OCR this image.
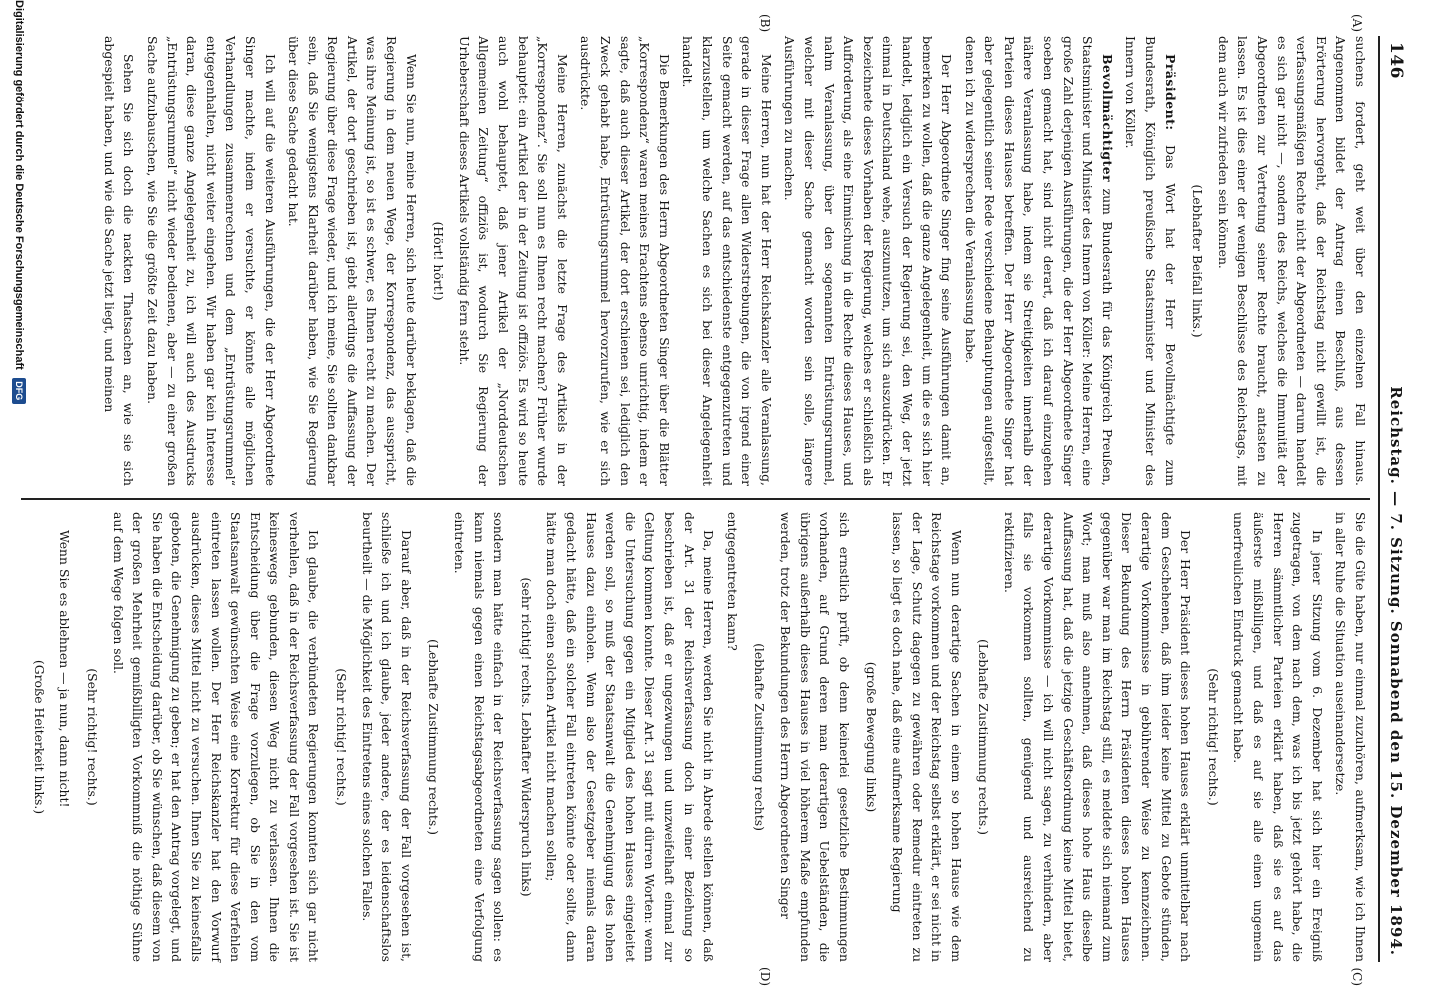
146
Reichstag. — 7. Sitzung. Sonnabend den 15. Dezember 1894.
(A)
(B)

suchens fordert, geht weit über den einzelnen Fall hinaus. Angenommen bildet der Antrag einen Beschluß, aus dessen Erörterung hervorgeht, daß der Reichstag nicht gewillt ist, die verfassungsmäßigen Rechte nicht der Abgeordneten — darum handelt es sich gar nicht —, sondern des Reichs, welches die Immunität der Abgeordneten zur Vertretung seiner Rechte braucht, antasten zu lassen. Es ist dies einer der wenigen Beschlüsse des Reichstags, mit dem auch wir zufrieden sein können.

(Lebhafter Beifall links.)

Präsident: Das Wort hat der Herr Bevollmächtigte zum Bundesrath, Königlich preußische Staatsminister und Minister des Innern von Köller.

Bevollmächtigter zum Bundesrath für das Königreich Preußen, Staatsminister und Minister des Innern von Köller: Meine Herren, eine große Zahl derjenigen Ausführungen, die der Herr Abgeordnete Singer soeben gemacht hat, sind nicht derart, daß ich darauf einzugehen nähere Veranlassung habe, indem sie Streitigkeiten innerhalb der Parteien dieses Hauses betreffen. Der Herr Abgeordnete Singer hat aber gelegentlich seiner Rede verschiedene Behauptungen aufgestellt, denen ich zu widersprechen die Veranlassung habe.

Der Herr Abgeordnete Singer fing seine Ausführungen damit an, bemerken zu wollen, daß die ganze Angelegenheit, um die es sich hier handelt, lediglich ein Versuch der Regierung sei, den Weg, der jetzt einmal in Deutschland wehe, auszunutzen, um sich auszudrücken. Er bezeichnete dieses Vorhaben der Regierung, welches er schließlich als Aufforderung, als eine Einmischung in die Rechte dieses Hauses, und nahm Veranlassung, über den sogenannten Entrüstungsrummel, welcher mit dieser Sache gemacht worden sein solle, längere Ausführungen zu machen.

Meine Herren, nun hat der Herr Reichskanzler alle Veranlassung, gerade in dieser Frage allen Widerstrebungen, die von irgend einer Seite gemacht werden, auf das entschiedenste entgegenzutreten und klarzustellen, um welche Sachen es sich bei dieser Angelegenheit handelt.

Die Bemerkungen des Herrn Abgeordneten Singer über die Blätter „Korrespondenz“ waren meines Erachtens ebenso unrichtig, indem er sagte, daß auch dieser Artikel, der dort erschienen sei, lediglich den Zweck gehabt habe, Entrüstungsrummel hervorzurufen, wie er sich ausdrückte.

Meine Herren, zunächst die letzte Frage des Artikels in der „Korrespondenz“. Sie soll nun es Ihnen recht machen? Früher wurde behauptet: ein Artikel der in der Zeitung ist offiziös. Es wird so heute auch wohl behauptet, daß jener Artikel der „Norddeutschen Allgemeinen Zeitung“ offiziös ist, wodurch Sie Regierung der Urheberschaft dieses Artikels vollständig fern steht.

(Hört! hört!)

Wenn Sie nun, meine Herren, sich heute darüber beklagen, daß die Regierung in dem neuen Wege, der Korrespondenz, das ausspricht, was ihre Meinung ist, so ist es schwer, es Ihnen recht zu machen. Der Artikel, der dort geschrieben ist, giebt allerdings die Auffassung der Regierung über diese Frage wieder, und ich meine, Sie sollten dankbar sein, daß Sie wenigstens Klarheit darüber haben, wie Sie Regierung über diese Sache gedacht hat.

Ich will auf die weiteren Ausführungen, die der Herr Abgeordnete Singer machte, indem er versuchte, er könnte alle möglichen Verhandlungen zusammenrechnen und dem „Entrüstungsrummel“ entgegenhalten, nicht weiter eingehen. Wir haben gar kein Interesse daran, diese ganze Angelegenheit zu, ich will auch des Ausdrucks „Entrüstungsrummel“ nicht wieder bedienen, aber — zu einer großen Sache aufzubauschen, wie Sie die größte Zeit dazu haben.

Sehen Sie sich doch die nackten Thatsachen an, wie sie sich abgespielt haben, und wie die Sache jetzt liegt, und meinen

(C)
(D)

Sie die Güte haben, nur einmal zuzuhören, aufmerksam, wie ich Ihnen in aller Ruhe die Situation auseinandersetze.

In jener Sitzung vom 6. Dezember hat sich hier ein Ereigniß zugetragen, von dem nach dem, was ich bis jetzt gehört habe, die Herren sämmtlicher Parteien erklärt haben, daß sie es auf das äußerste mißbilligen, und daß es auf sie alle einen ungemein unerfreulichen Eindruck gemacht habe.

(Sehr richtig! rechts.)

Der Herr Präsident dieses hohen Hauses erklärt unmittelbar nach dem Geschehenen, daß ihm leider keine Mittel zu Gebote stünden, derartige Vorkommnisse in gebührender Weise zu kennzeichnen. Dieser Bekundung des Herrn Präsidenten dieses hohen Hauses gegenüber war man im Reichstag still, es meldete sich niemand zum Wort; man muß also annehmen, daß dieses hohe Haus dieselbe Auffassung hat, daß die jetzige Geschäftsordnung keine Mittel bietet, derartige Vorkommnisse — ich will nicht sagen, zu verhindern, aber falls sie vorkommen sollten, genügend und ausreichend zu rektifizieren.

(Lebhafte Zustimmung rechts.)

Wenn nun derartige Sachen in einem so hohen Hause wie dem Reichstage vorkommen und der Reichstag selbst erklärt, er sei nicht in der Lage, Schutz dagegen zu gewähren oder Remedur eintreten zu lassen, so liegt es doch nahe, daß eine aufmerksame Regierung

(große Bewegung links)

sich ernstlich prüft, ob denn keinerlei gesetzliche Bestimmungen vorhanden, auf Grund deren man derartigen Uebelständen, die übrigens außerhalb dieses Hauses in viel höherem Maße empfunden werden, trotz der Bekundungen des Herrn Abgeordneten Singer

(lebhafte Zustimmung rechts)

entgegentreten kann?

Da, meine Herren, werden Sie nicht in Abrede stellen können, daß der Art. 31 der Reichsverfassung doch in einer Beziehung so beschrieben ist, daß er ungezwungen und unzweifelhaft einmal zur Geltung kommen konnte. Dieser Art. 31 sagt mit dürren Worten: wenn die Untersuchung gegen ein Mitglied des hohen Hauses eingeleitet werden soll, so muß der Staatsanwalt die Genehmigung des hohen Hauses dazu einholen. Wenn also der Gesetzgeber niemals daran gedacht hätte, daß ein solcher Fall eintreten könnte oder sollte, dann hätte man doch einen solchen Artikel nicht machen sollen;

(sehr richtig! rechts. Lebhafter Widerspruch links)

sondern man hätte einfach in der Reichsverfassung sagen sollen: es kann niemals gegen einen Reichstagsabgeordneten eine Verfolgung eintreten.

(Lebhafte Zustimmung rechts.)

Darauf aber, daß in der Reichsverfassung der Fall vorgesehen ist, schließe ich und ich glaube, jeder andere, der es leidenschaftslos beurtheilt — die Möglichkeit des Eintretens eines solchen Falles.

(Sehr richtig! rechts.)

Ich glaube, die verbündeten Regierungen konnten sich gar nicht verhehlen, daß in der Reichsverfassung der Fall vorgesehen ist. Sie ist keineswegs gebunden, diesen Weg nicht zu verlassen. Ihnen die Entscheidung über die Frage vorzulegen, ob Sie in den vom Staatsanwalt gewünschten Weise eine Korrektur für diese Verfehlen eintreten lassen wollen. Der Herr Reichskanzler hat den Vorwurf ausdrücken, dieses Mittel nicht zu versuchen. Ihnen Sie zu keinesfalls geboten, die Genehmigung zu geben; er hat den Antrag vorgelegt, und Sie haben die Entscheidung darüber, ob Sie wünschen, daß diesem von der großen Mehrheit gemißbilligten Vorkommniß die nöthige Sühne auf dem Wege folgen soll.

(Sehr richtig! rechts.)

Wenn Sie es ablehnen — ja nun, dann nicht!

(Große Heiterkeit links.)

Digitalisierung gefördert durch die Deutsche Forschungsgemeinschaft
DFG
